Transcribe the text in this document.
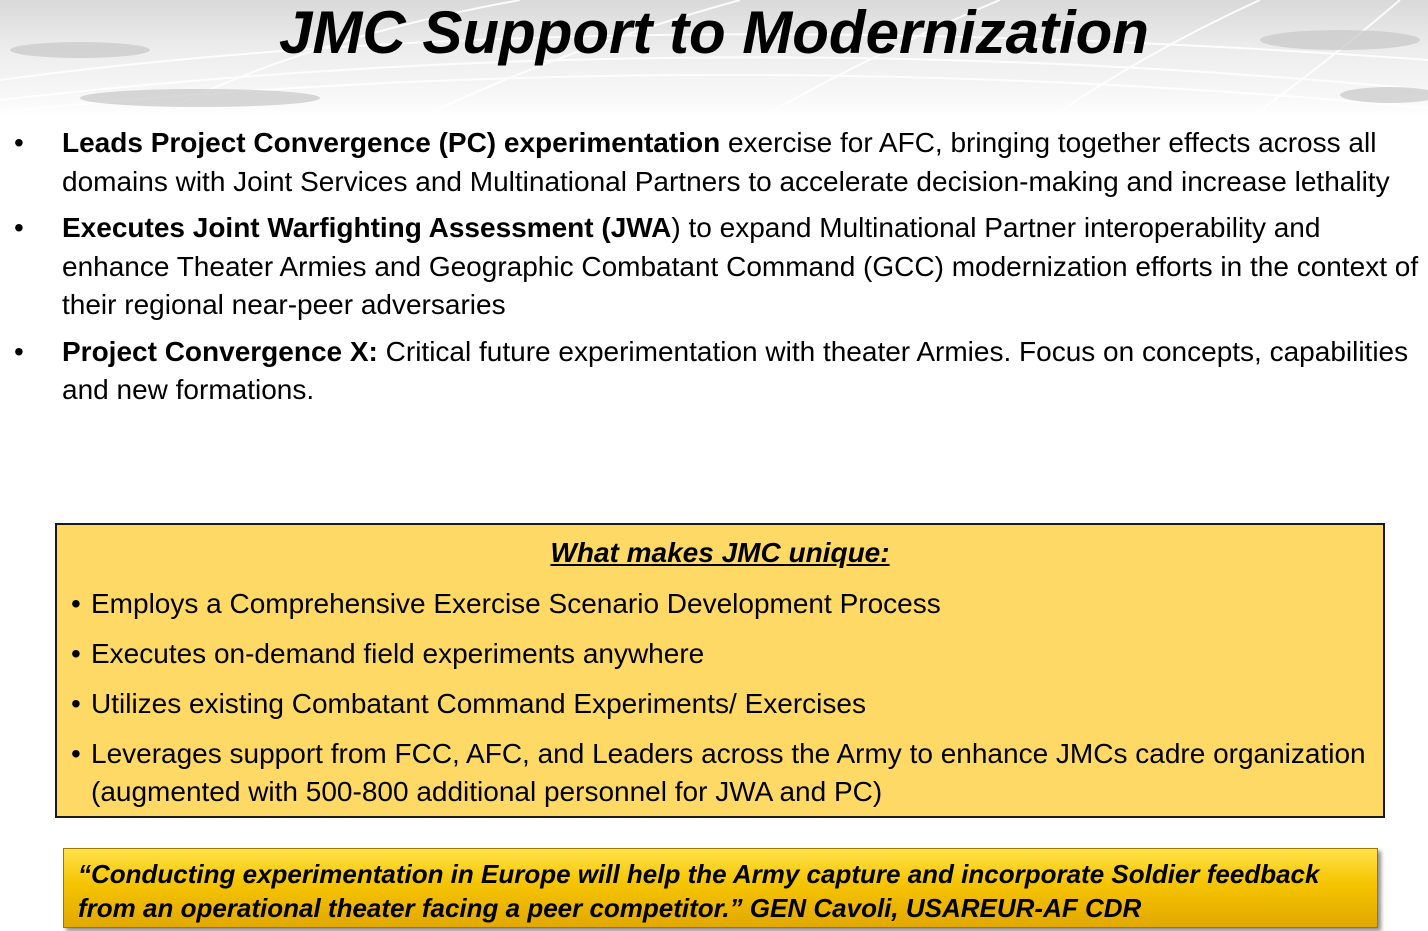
JMC Support to Modernization
•	Leads Project Convergence (PC) experimentation exercise for AFC, bringing together effects across all domains with Joint Services and Multinational Partners to accelerate decision-making and increase lethality
•	Executes Joint Warfighting Assessment (JWA) to expand Multinational Partner interoperability and enhance Theater Armies and Geographic Combatant Command (GCC) modernization efforts in the context of their regional near-peer adversaries
•	Project Convergence X: Critical future experimentation with theater Armies. Focus on concepts, capabilities and new formations.
What makes JMC unique:
• Employs a Comprehensive Exercise Scenario Development Process
• Executes on-demand field experiments anywhere
• Utilizes existing Combatant Command Experiments/ Exercises
• Leverages support from FCC, AFC, and Leaders across the Army to enhance JMCs cadre organization (augmented with 500-800 additional personnel for JWA and PC)

“Conducting experimentation in Europe will help the Army capture and incorporate Soldier feedback from an operational theater facing a peer competitor.” GEN Cavoli, USAREUR-AF CDR
